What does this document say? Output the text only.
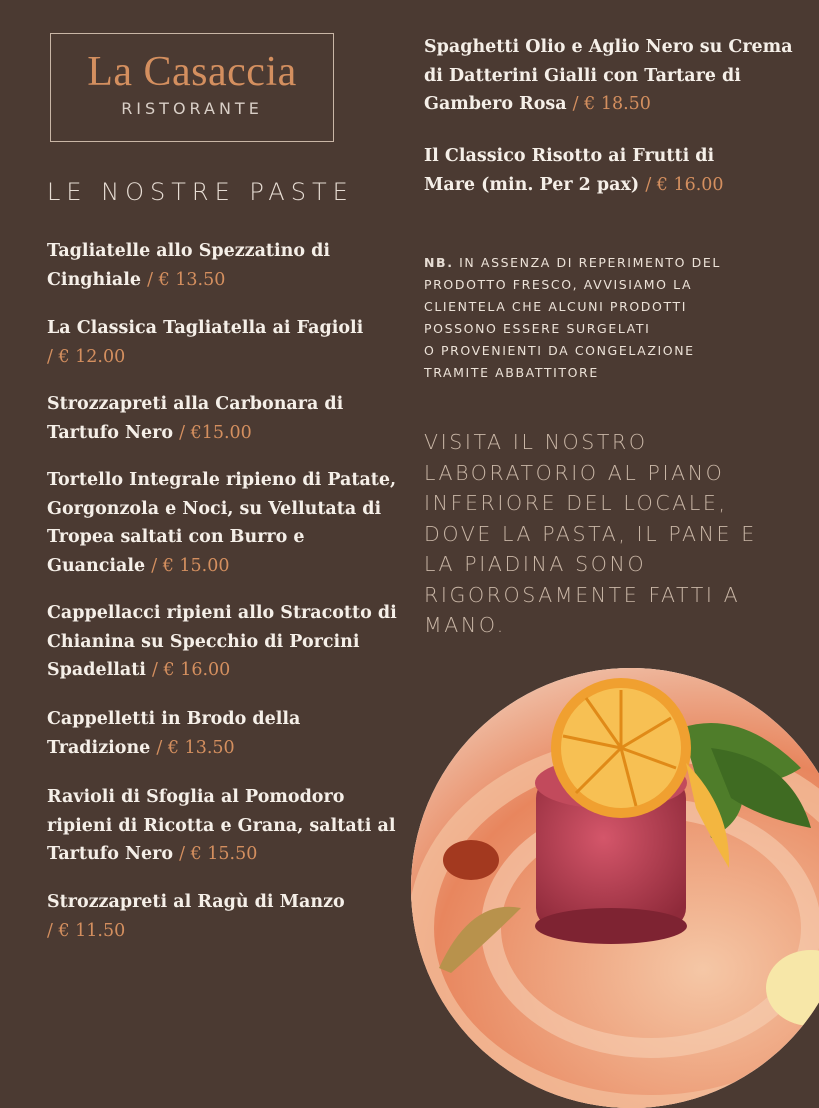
La Casaccia
RISTORANTE
LE NOSTRE PASTE
Tagliatelle allo Spezzatino di Cinghiale / € 13.50
La Classica Tagliatella ai Fagioli
/ € 12.00
Strozzapreti alla Carbonara di Tartufo Nero / €15.00
Tortello Integrale ripieno di Patate, Gorgonzola e Noci, su Vellutata di Tropea saltati con Burro e Guanciale / € 15.00
Cappellacci ripieni allo Stracotto di Chianina su Specchio di Porcini Spadellati / € 16.00
Cappelletti in Brodo della Tradizione / € 13.50
Ravioli di Sfoglia al Pomodoro ripieni di Ricotta e Grana, saltati al Tartufo Nero / € 15.50
Strozzapreti al Ragù di Manzo
/ € 11.50
Spaghetti Olio e Aglio Nero su Crema di Datterini Gialli con Tartare di Gambero Rosa / € 18.50
Il Classico Risotto ai Frutti di Mare (min. Per 2 pax) / € 16.00
NB. IN ASSENZA DI REPERIMENTO DEL
PRODOTTO FRESCO, AVVISIAMO LA
CLIENTELA CHE ALCUNI PRODOTTI
POSSONO ESSERE SURGELATI
O PROVENIENTI DA CONGELAZIONE
TRAMITE ABBATTITORE
VISITA IL NOSTRO
LABORATORIO AL PIANO
INFERIORE DEL LOCALE,
DOVE LA PASTA, IL PANE E
LA PIADINA SONO
RIGOROSAMENTE FATTI A
MANO.
